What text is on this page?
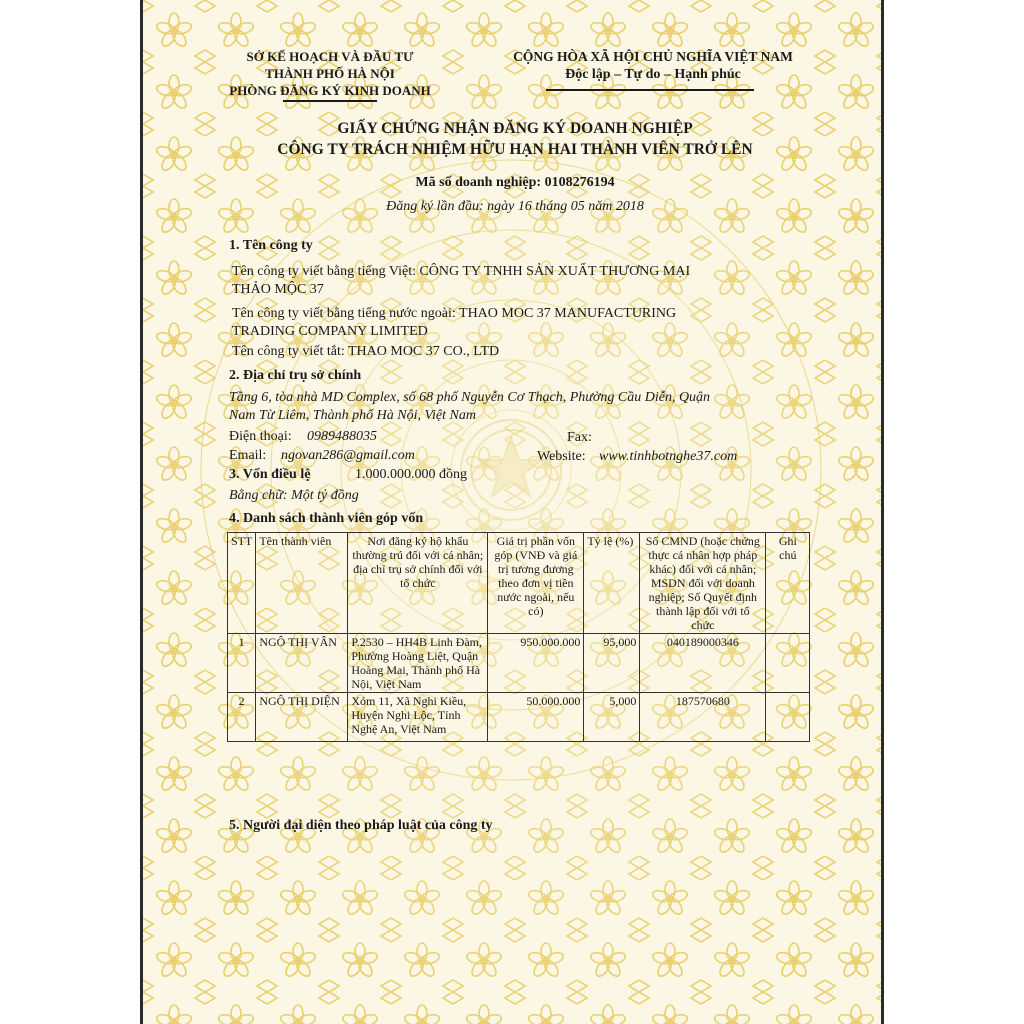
SỞ KẾ HOẠCH VÀ ĐẦU TƯ
THÀNH PHỐ HÀ NỘI
PHÒNG ĐĂNG KÝ KINH DOANH
CỘNG HÒA XÃ HỘI CHỦ NGHĨA VIỆT NAM
Độc lập – Tự do – Hạnh phúc
GIẤY CHỨNG NHẬN ĐĂNG KÝ DOANH NGHIỆP
CÔNG TY TRÁCH NHIỆM HỮU HẠN HAI THÀNH VIÊN TRỞ LÊN
Mã số doanh nghiệp: 0108276194
Đăng ký lần đầu: ngày 16 tháng 05 năm 2018
1. Tên công ty
Tên công ty viết bằng tiếng Việt: CÔNG TY TNHH SẢN XUẤT THƯƠNG MẠI
THẢO MỘC 37
Tên công ty viết bằng tiếng nước ngoài: THAO MOC 37 MANUFACTURING
TRADING COMPANY LIMITED
Tên công ty viết tắt: THAO MOC 37 CO., LTD
2. Địa chỉ trụ sở chính
Tầng 6, tòa nhà MD Complex, số 68 phố Nguyễn Cơ Thạch, Phường Cầu Diễn, Quận
Nam Từ Liêm, Thành phố Hà Nội, Việt Nam
Điện thoại: 0989488035	Fax:
Email: ngovan286@gmail.com	Website: www.tinhbotnghe37.com
3. Vốn điều lệ	1.000.000.000 đồng
Bằng chữ: Một tỷ đồng
4. Danh sách thành viên góp vốn
STT	Tên thành viên	Nơi đăng ký hộ khẩu thường trú đối với cá nhân; địa chỉ trụ sở chính đối với tổ chức	Giá trị phần vốn góp (VNĐ và giá trị tương đương theo đơn vị tiền nước ngoài, nếu có)	Tỷ lệ (%)	Số CMND (hoặc chứng thực cá nhân hợp pháp khác) đối với cá nhân; MSDN đối với doanh nghiệp; Số Quyết định thành lập đối với tổ chức	Ghi chú
1	NGÔ THỊ VÂN	P.2530 – HH4B Linh Đàm, Phường Hoàng Liệt, Quận Hoàng Mai, Thành phố Hà Nội, Việt Nam	950.000.000	95,000	040189000346	
2	NGÔ THỊ DIỆN	Xóm 11, Xã Nghi Kiều, Huyện Nghi Lộc, Tỉnh Nghệ An, Việt Nam	50.000.000	5,000	187570680	
5. Người đại diện theo pháp luật của công ty
